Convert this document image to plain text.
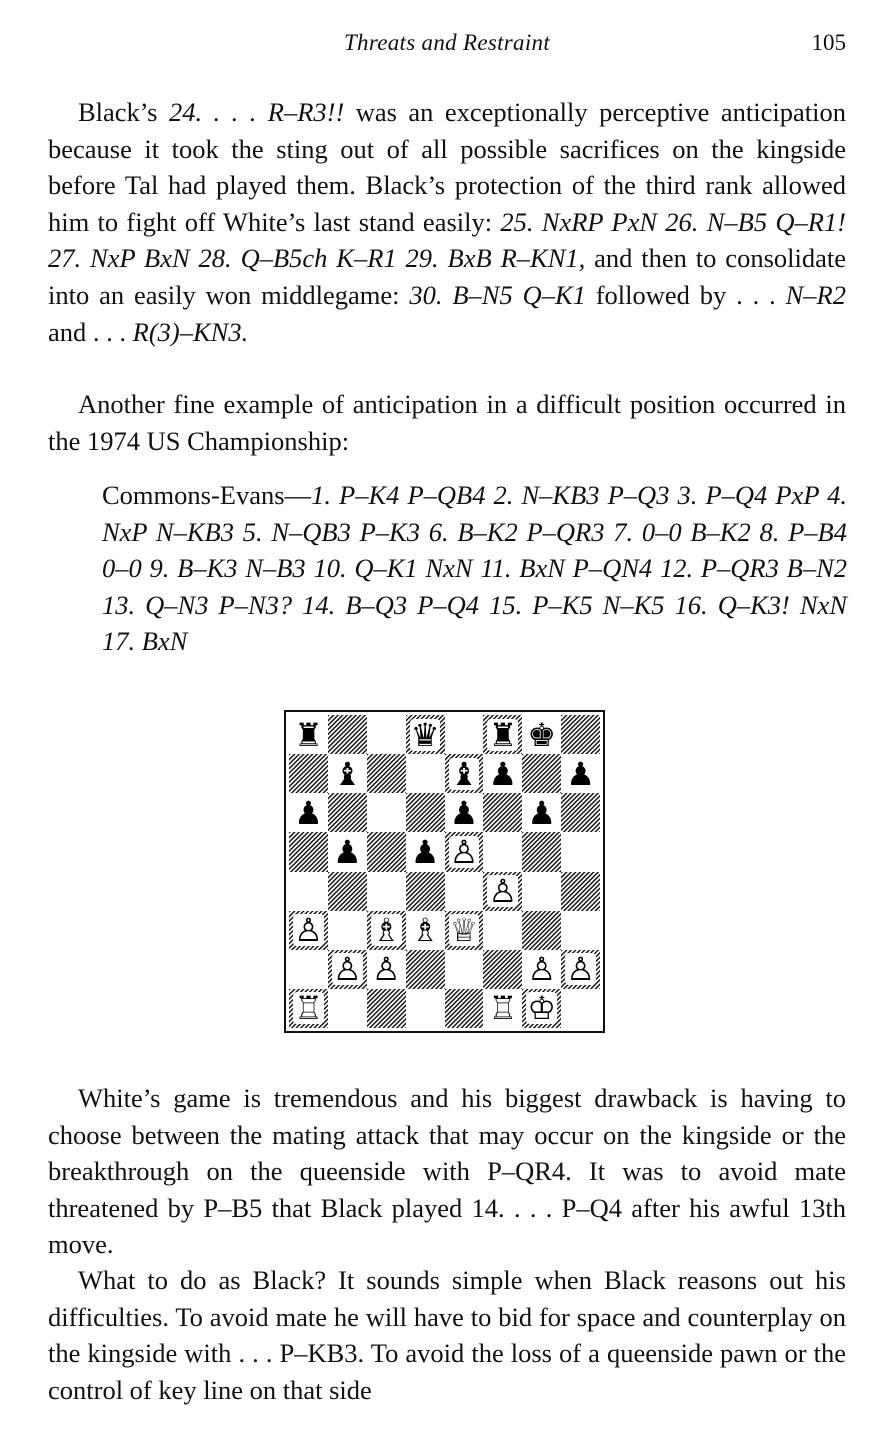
Threats and Restraint	105

Black’s 24. . . . R–R3!! was an exceptionally perceptive anticipation because it took the sting out of all possible sacrifices on the kingside before Tal had played them. Black’s protection of the third rank allowed him to fight off White’s last stand easily: 25. NxRP PxN 26. N–B5 Q–R1! 27. NxP BxN 28. Q–B5ch K–R1 29. BxB R–KN1, and then to consolidate into an easily won middlegame: 30. B–N5 Q–K1 followed by . . . N–R2 and . . . R(3)–KN3.

Another fine example of anticipation in a difficult position occurred in the 1974 US Championship:

Commons-Evans—1. P–K4 P–QB4 2. N–KB3 P–Q3 3. P–Q4 PxP 4. NxP N–KB3 5. N–QB3 P–K3 6. B–K2 P–QR3 7. 0–0 B–K2 8. P–B4 0–0 9. B–K3 N–B3 10. Q–K1 NxN 11. BxN P–QN4 12. P–QR3 B–N2 13. Q–N3 P–N3? 14. B–Q3 P–Q4 15. P–K5 N–K5 16. Q–K3! NxN 17. BxN

♜	♛ ♜ ♚
♝	♝ ♟ ♟
♟	♟ ♟
♟ ♟ ♙
♙
♙ ♗ ♗ ♕
♙ ♙	♙ ♙
♖	♖ ♔

White’s game is tremendous and his biggest drawback is having to choose between the mating attack that may occur on the kingside or the breakthrough on the queenside with P–QR4. It was to avoid mate threatened by P–B5 that Black played 14. . . . P–Q4 after his awful 13th move.

What to do as Black? It sounds simple when Black reasons out his difficulties. To avoid mate he will have to bid for space and counterplay on the kingside with . . . P–KB3. To avoid the loss of a queenside pawn or the control of key line on that side
